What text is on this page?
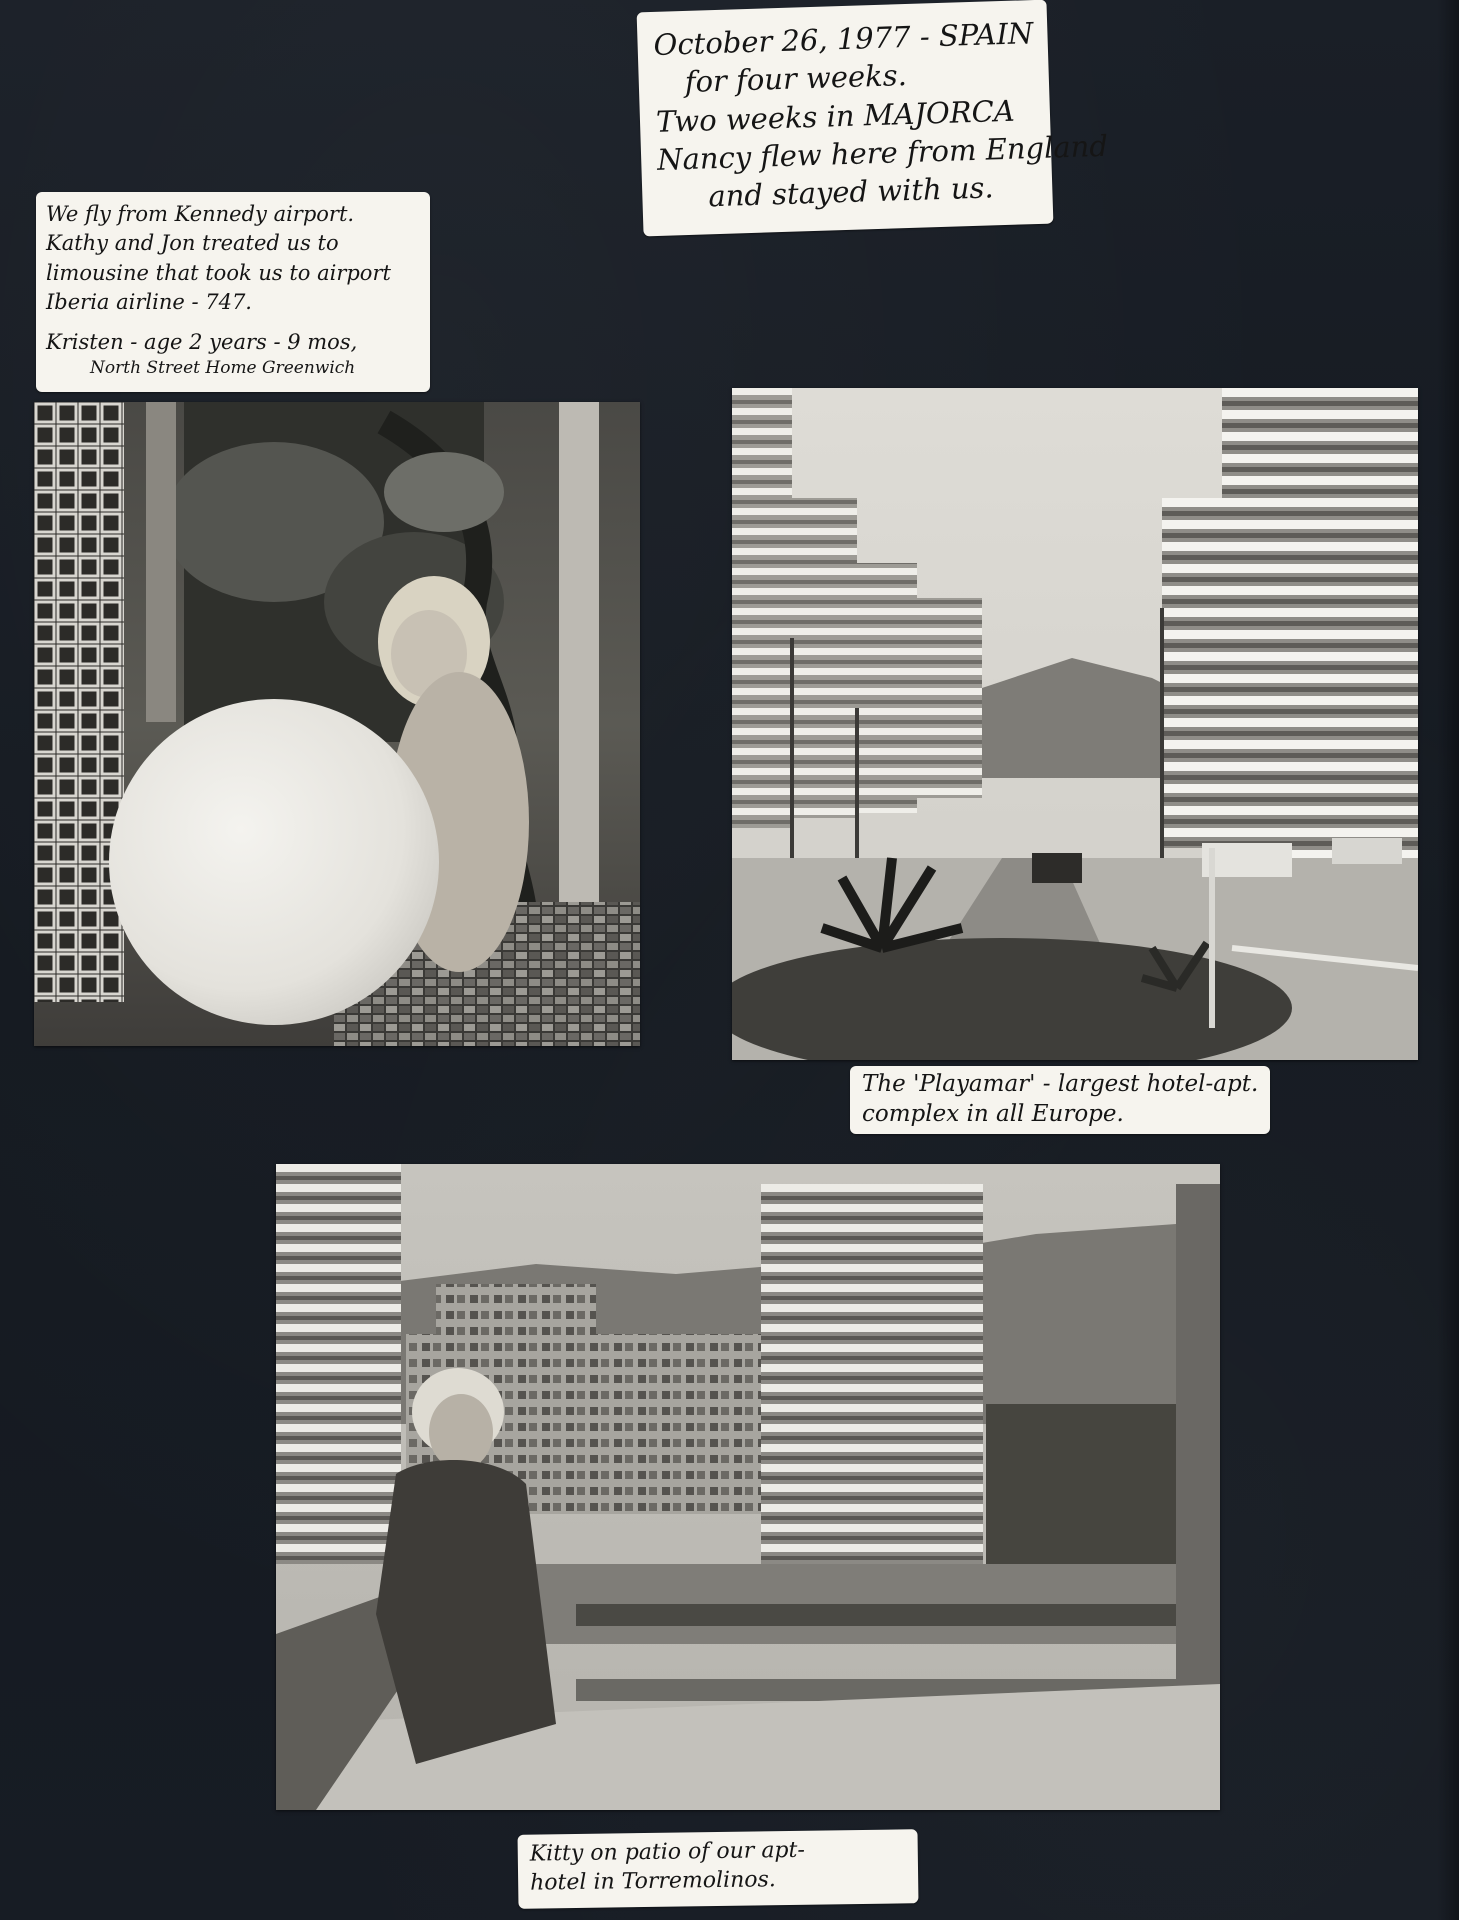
October 26, 1977 - SPAIN
for four weeks.
Two weeks in MAJORCA
Nancy flew here from England
and stayed with us.
We fly from Kennedy airport.
Kathy and Jon treated us to
limousine that took us to airport
Iberia airline - 747.
Kristen - age 2 years - 9 mos,
North Street Home Greenwich
The 'Playamar' - largest hotel-apt.
complex in all Europe.
Kitty on patio of our apt-
hotel in Torremolinos.
